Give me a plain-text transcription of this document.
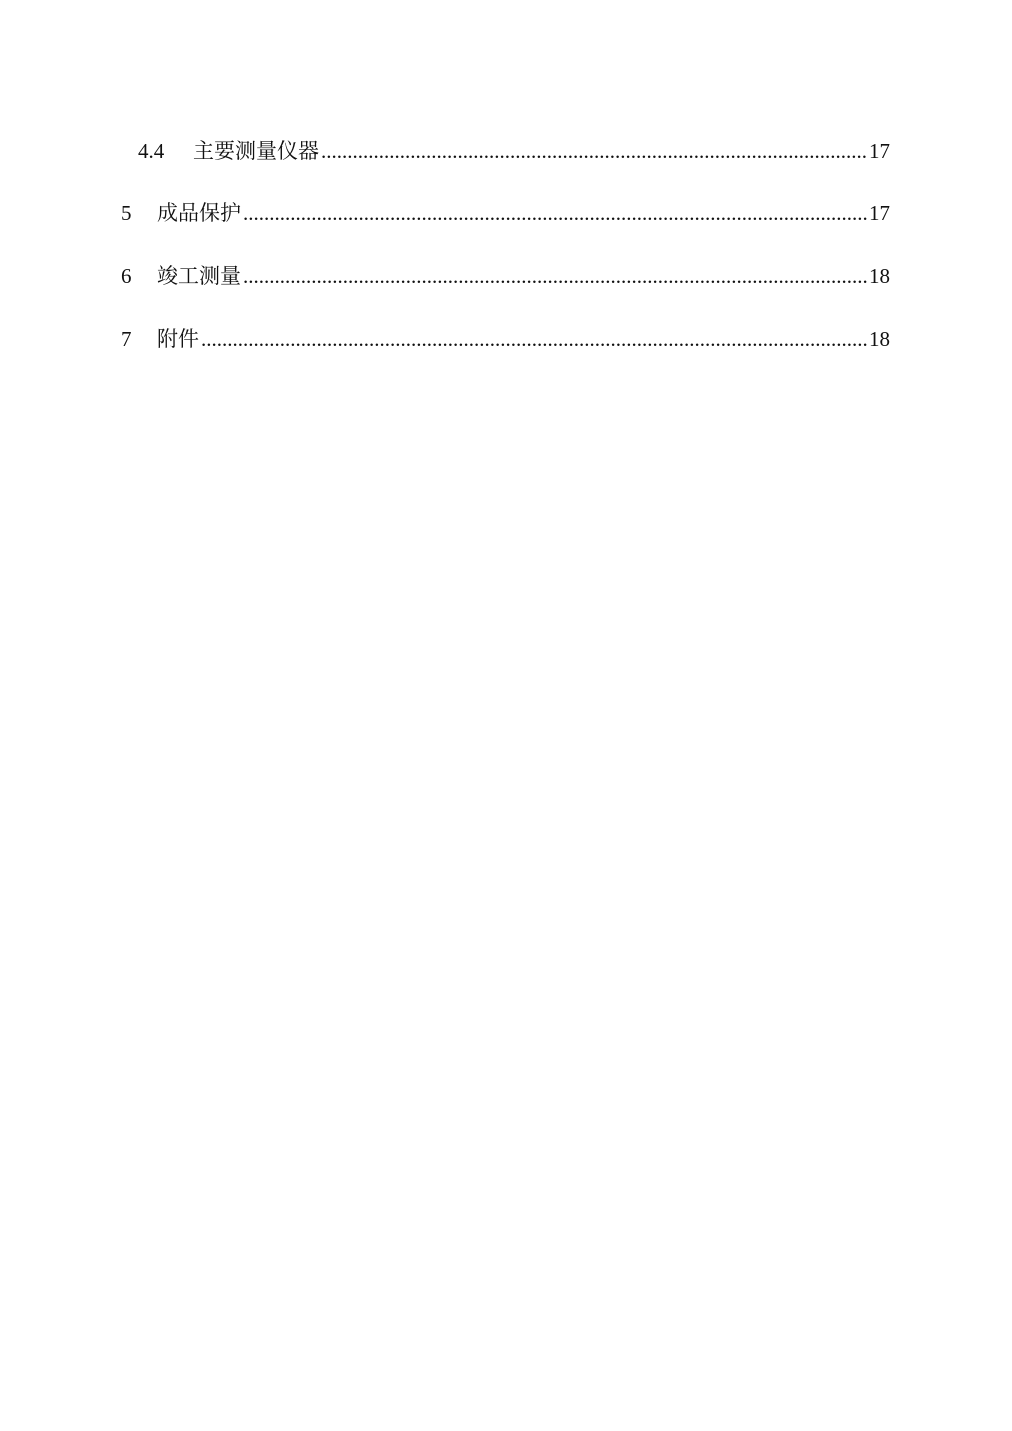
4.4	主要测量仪器 .....	17
5	成品保护 .....	17
6	竣工测量 .....	18
7	附件 .....	18
